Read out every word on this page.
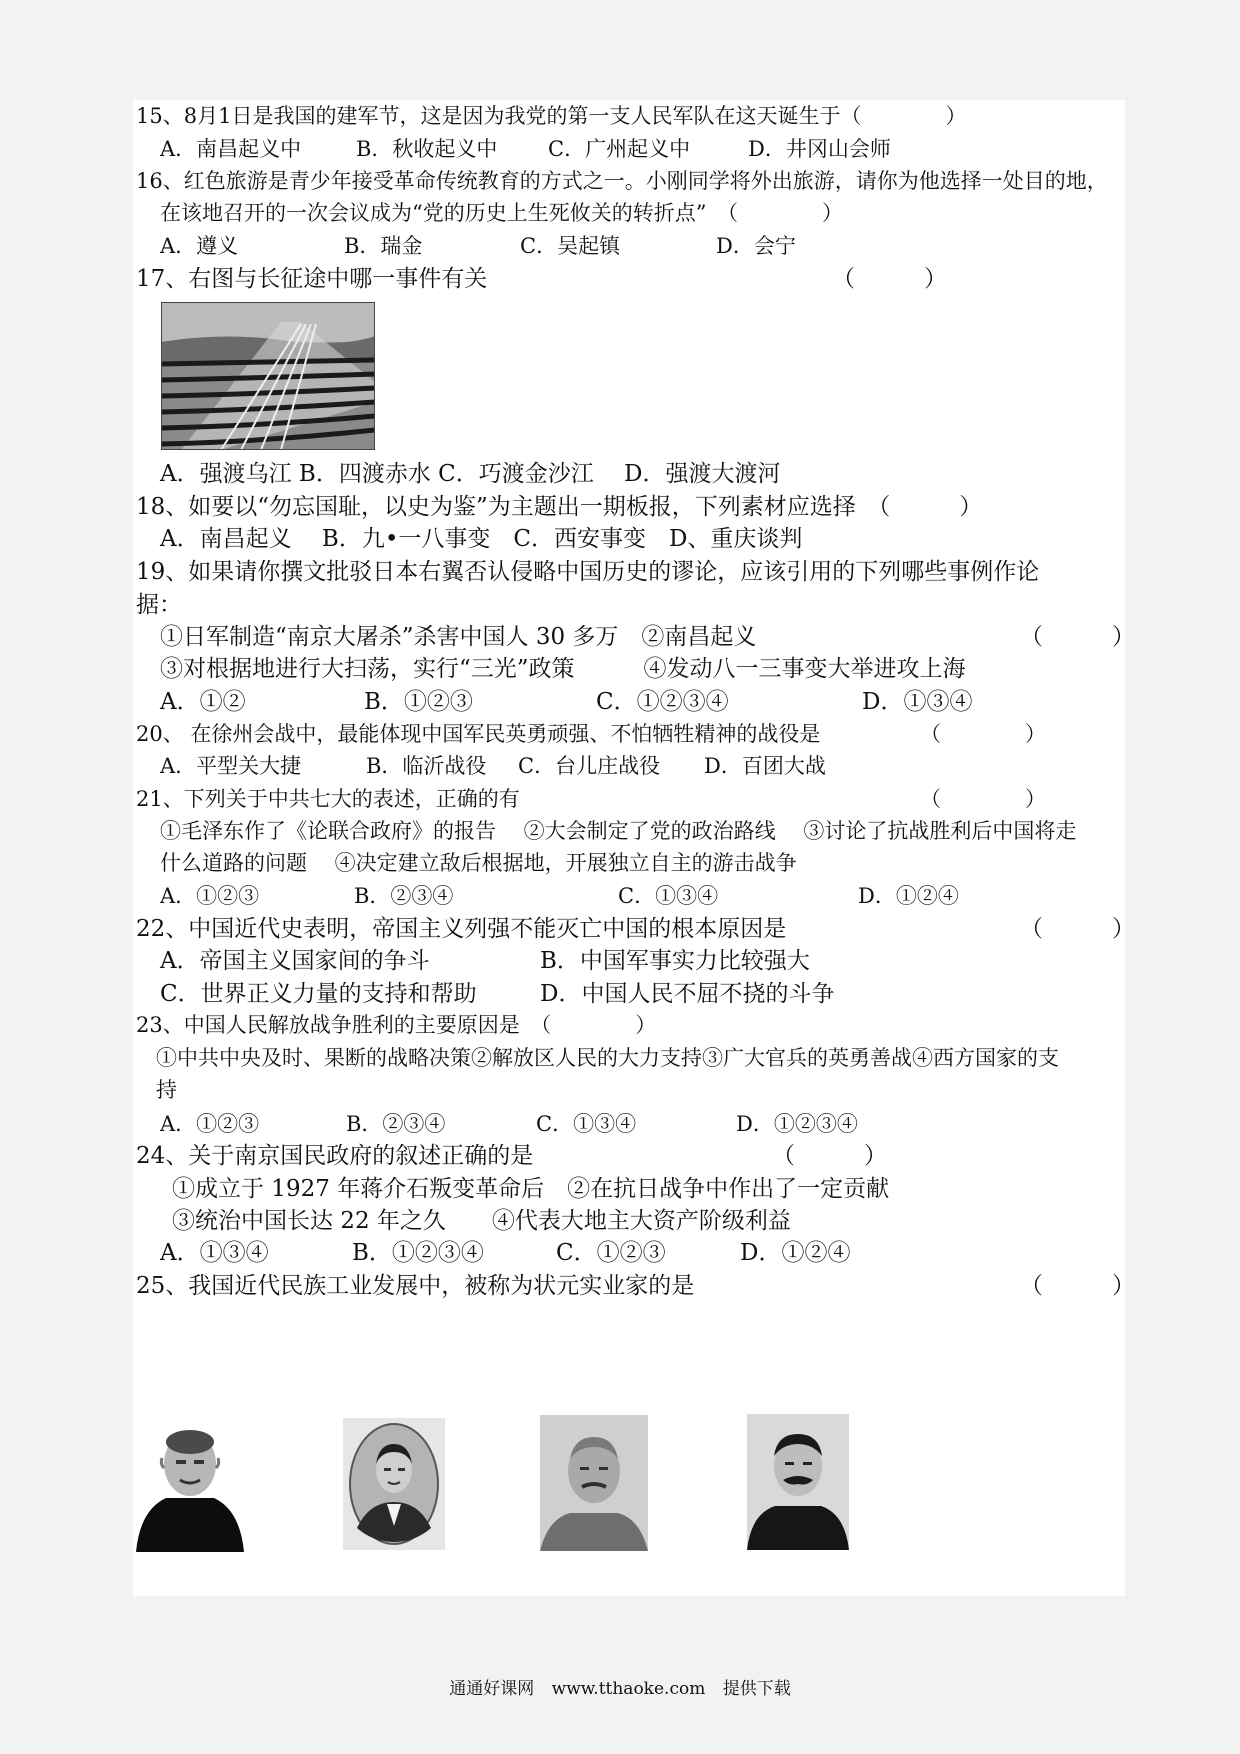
15、8月1日是我国的建军节，这是因为我党的第一支人民军队在这天诞生于（　　　　）
A．南昌起义中	B．秋收起义中 C．广州起义中	D．井冈山会师
16、红色旅游是青少年接受革命传统教育的方式之一。小刚同学将外出旅游，请你为他选择一处目的地，
在该地召开的一次会议成为“党的历史上生死攸关的转折点”　（　　　　）
A．遵义	B．瑞金	C．吴起镇	D．会宁
17、右图与长征途中哪一事件有关	（　　　）
A．强渡乌江 B．四渡赤水 C．巧渡金沙江　 D．强渡大渡河
18、如要以“勿忘国耻，以史为鉴”为主题出一期板报，下列素材应选择　（　　　）
A．南昌起义　 B．九•一八事变　C．西安事变　D、重庆谈判
19、如果请你撰文批驳日本右翼否认侵略中国历史的谬论，应该引用的下列哪些事例作论
据：
①日军制造“南京大屠杀”杀害中国人 30 多万　②南昌起义	（　　　）
③对根据地进行大扫荡，实行“三光”政策　　　④发动八一三事变大举进攻上海
A．①②	B．①②③	C．①②③④	D．①③④
20、 在徐州会战中，最能体现中国军民英勇顽强、不怕牺牲精神的战役是	（　　　　）
A．平型关大捷	B．临沂战役 C．台儿庄战役 D．百团大战
21、下列关于中共七大的表述，正确的有	（　　　　）
①毛泽东作了《论联合政府》的报告　 ②大会制定了党的政治路线　 ③讨论了抗战胜利后中国将走
什么道路的问题　 ④决定建立敌后根据地，开展独立自主的游击战争
A．①②③	B．②③④	C．①③④	D．①②④
22、中国近代史表明，帝国主义列强不能灭亡中国的根本原因是	（　　　）
A．帝国主义国家间的争斗	B．中国军事实力比较强大
C．世界正义力量的支持和帮助	D．中国人民不屈不挠的斗争
23、中国人民解放战争胜利的主要原因是　（　　　　）
①中共中央及时、果断的战略决策②解放区人民的大力支持③广大官兵的英勇善战④西方国家的支
持
A．①②③	B．②③④	C．①③④	D．①②③④
24、关于南京国民政府的叙述正确的是	（　　　）
①成立于 1927 年蒋介石叛变革命后　②在抗日战争中作出了一定贡献
③统治中国长达 22 年之久　　④代表大地主大资产阶级利益
A．①③④	B．①②③④	C．①②③	D．①②④
25、我国近代民族工业发展中，被称为状元实业家的是	（　　　）
通通好课网 www.tthaoke.com 提供下载
